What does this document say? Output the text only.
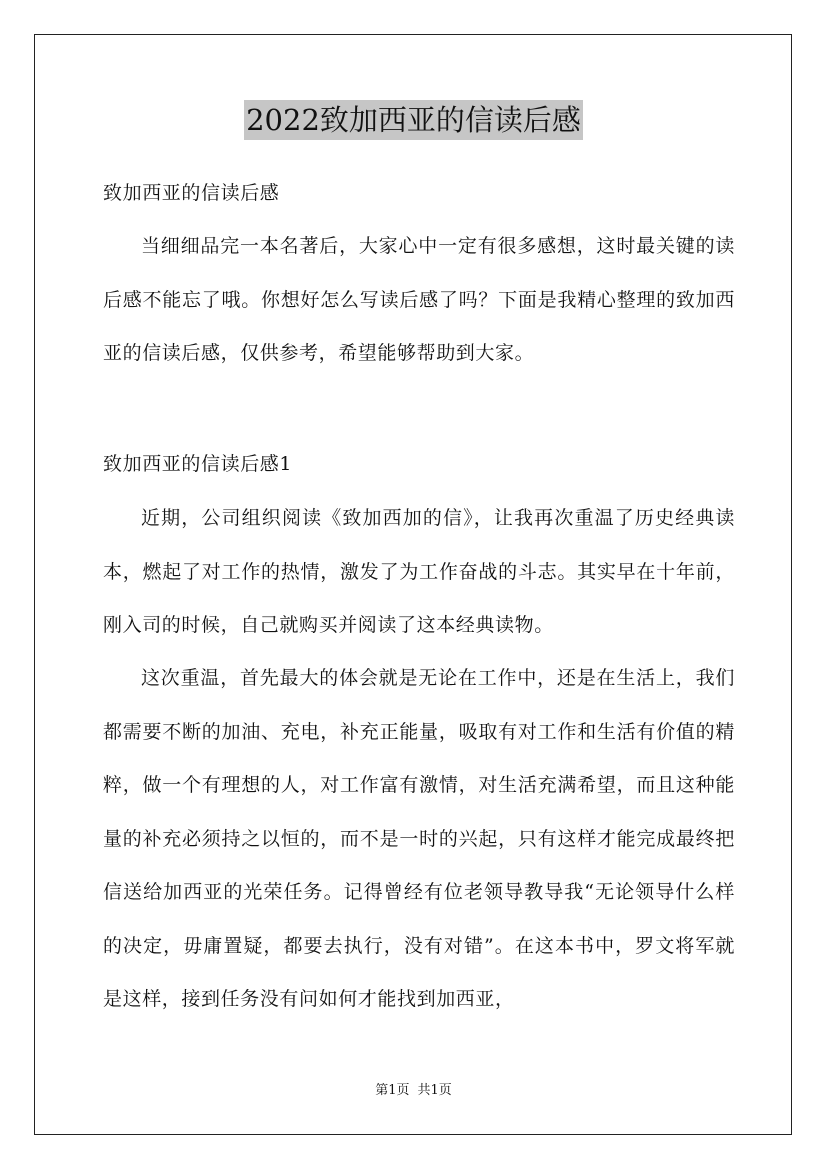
2022致加西亚的信读后感

致加西亚的信读后感

当细细品完一本名著后，大家心中一定有很多感想，这时最关键的读后感不能忘了哦。你想好怎么写读后感了吗？下面是我精心整理的致加西亚的信读后感，仅供参考，希望能够帮助到大家。

致加西亚的信读后感1

近期，公司组织阅读《致加西加的信》，让我再次重温了历史经典读本，燃起了对工作的热情，激发了为工作奋战的斗志。其实早在十年前，刚入司的时候，自己就购买并阅读了这本经典读物。

这次重温，首先最大的体会就是无论在工作中，还是在生活上，我们都需要不断的加油、充电，补充正能量，吸取有对工作和生活有价值的精粹，做一个有理想的人，对工作富有激情，对生活充满希望，而且这种能量的补充必须持之以恒的，而不是一时的兴起，只有这样才能完成最终把信送给加西亚的光荣任务。记得曾经有位老领导教导我“无论领导什么样的决定，毋庸置疑，都要去执行，没有对错”。在这本书中，罗文将军就是这样，接到任务没有问如何才能找到加西亚，

第1页 共1页
